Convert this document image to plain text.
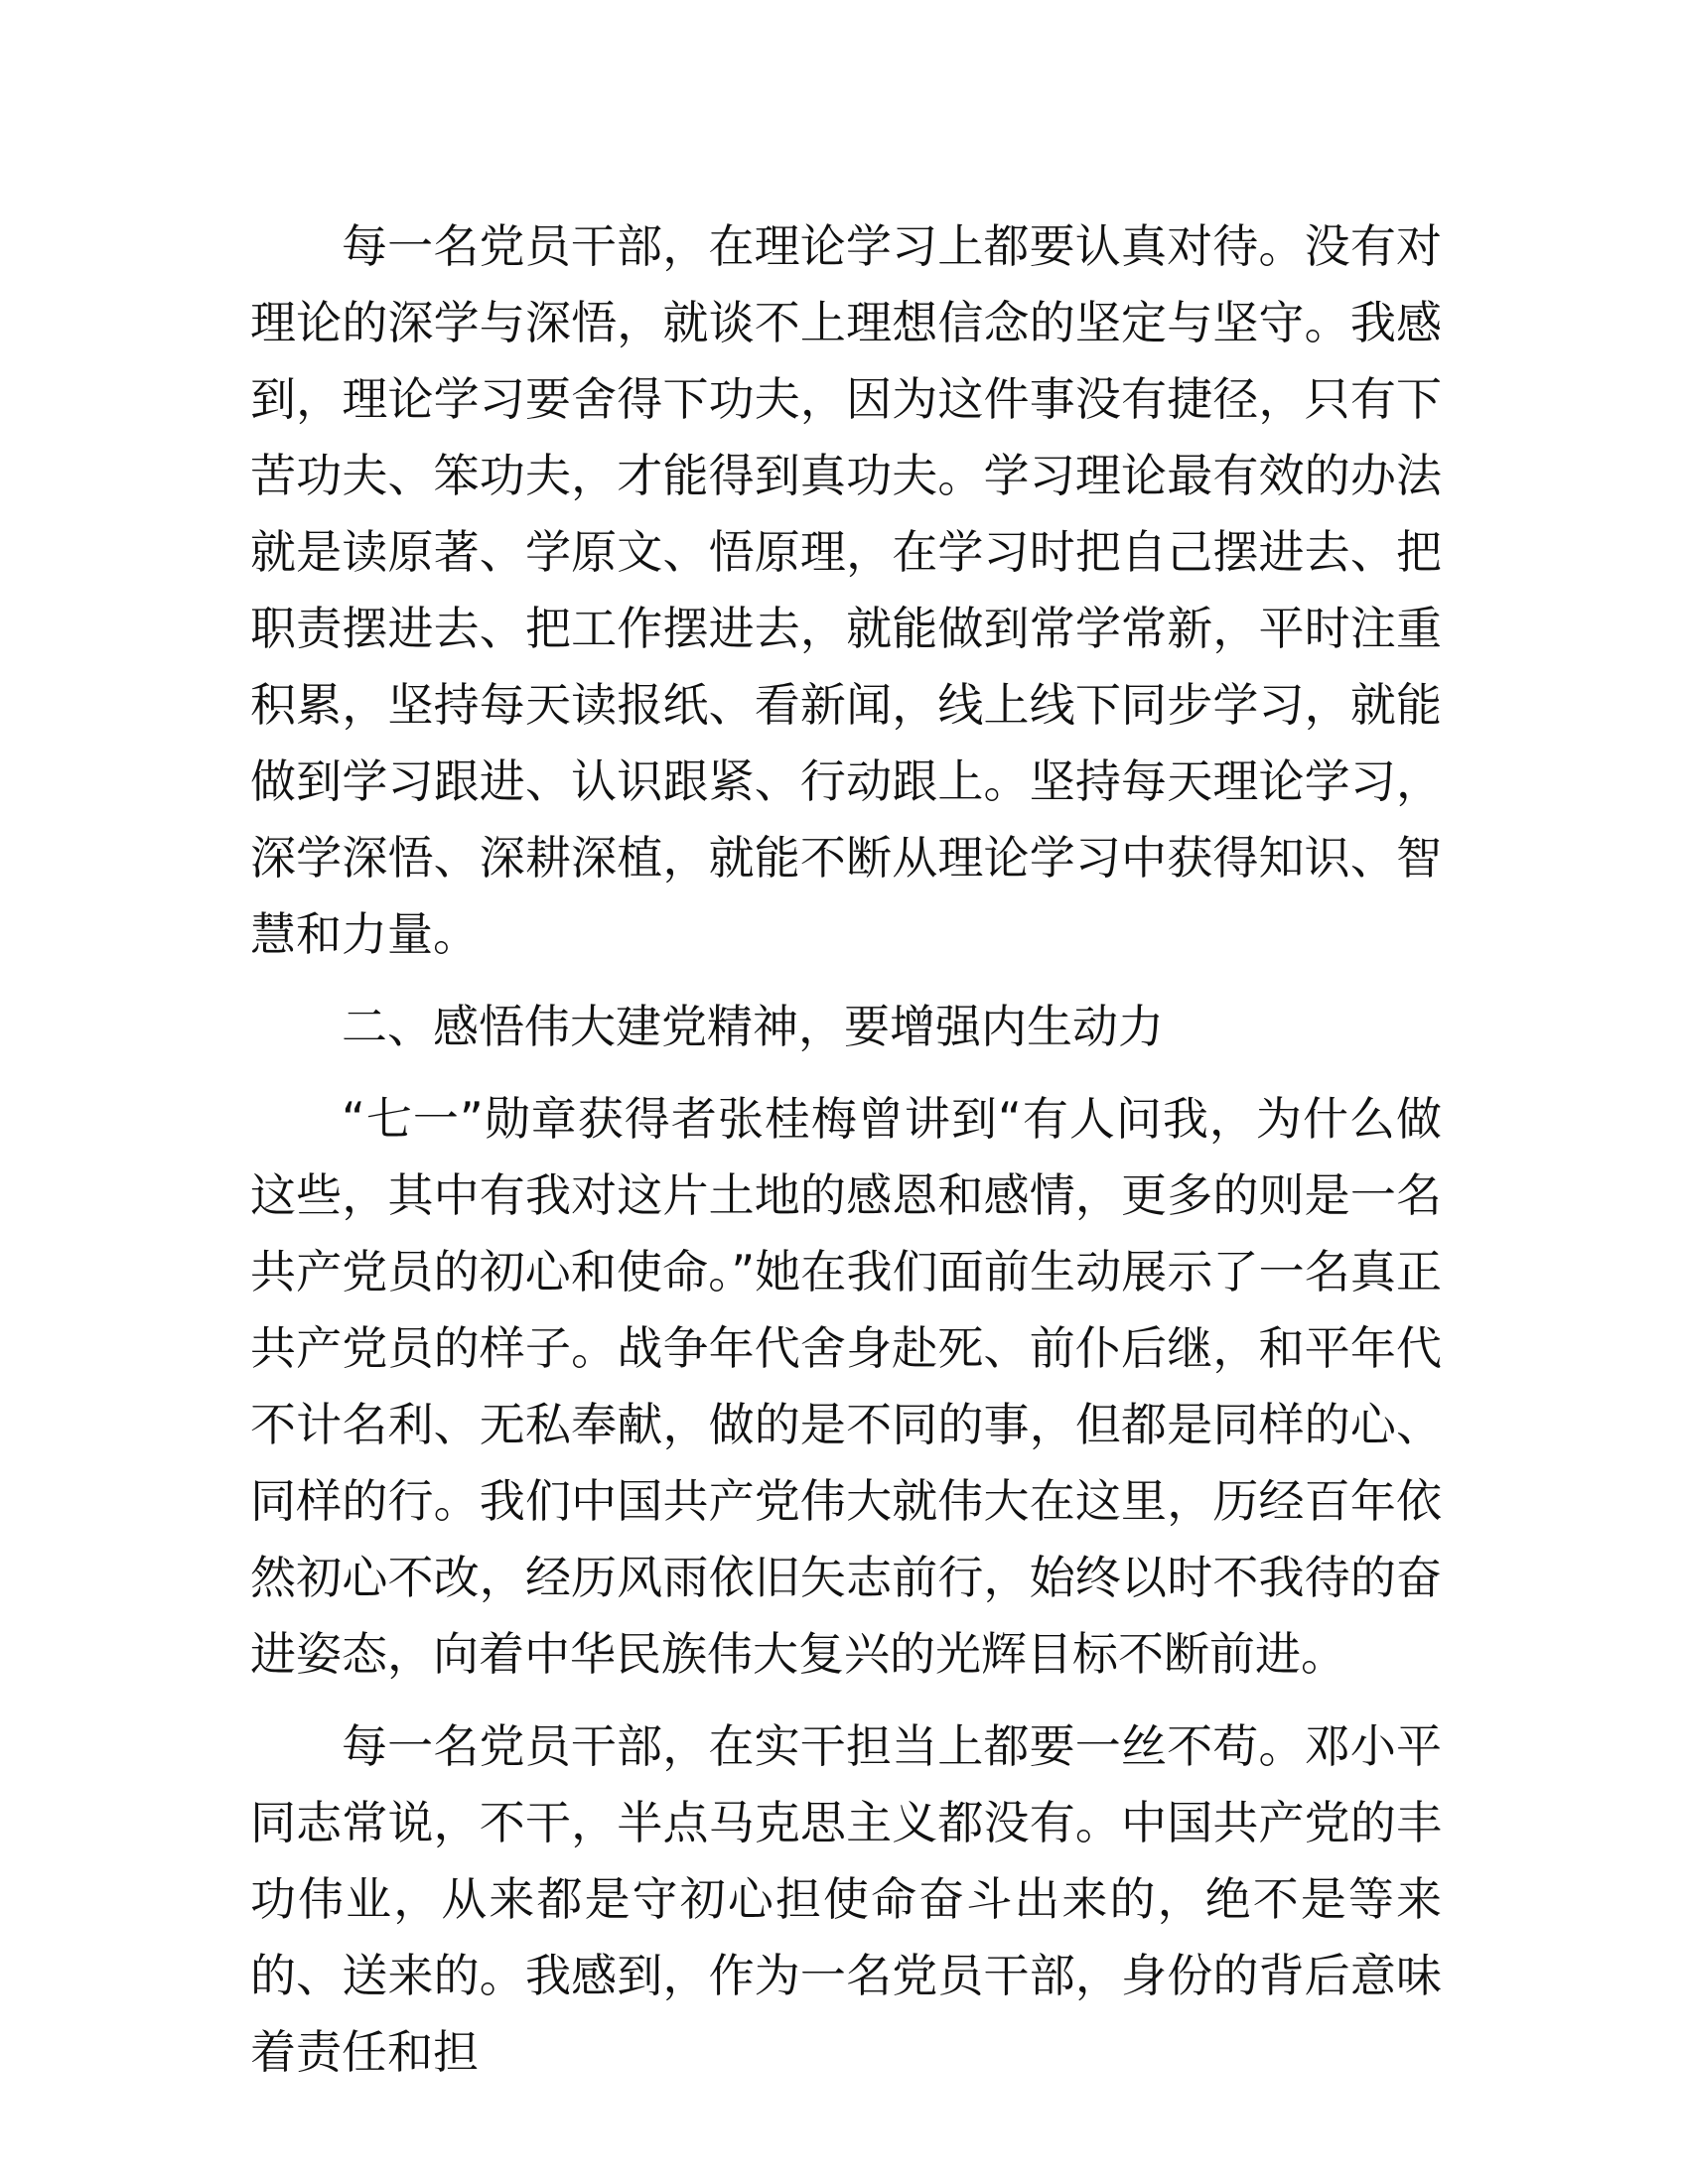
每一名党员干部，在理论学习上都要认真对待。没有对理论的深学与深悟，就谈不上理想信念的坚定与坚守。我感到，理论学习要舍得下功夫，因为这件事没有捷径，只有下苦功夫、笨功夫，才能得到真功夫。学习理论最有效的办法就是读原著、学原文、悟原理，在学习时把自己摆进去、把职责摆进去、把工作摆进去，就能做到常学常新，平时注重积累，坚持每天读报纸、看新闻，线上线下同步学习，就能做到学习跟进、认识跟紧、行动跟上。坚持每天理论学习，深学深悟、深耕深植，就能不断从理论学习中获得知识、智慧和力量。

二、感悟伟大建党精神，要增强内生动力

“七一”勋章获得者张桂梅曾讲到“有人问我，为什么做这些，其中有我对这片土地的感恩和感情，更多的则是一名共产党员的初心和使命。”她在我们面前生动展示了一名真正共产党员的样子。战争年代舍身赴死、前仆后继，和平年代不计名利、无私奉献，做的是不同的事，但都是同样的心、同样的行。我们中国共产党伟大就伟大在这里，历经百年依然初心不改，经历风雨依旧矢志前行，始终以时不我待的奋进姿态，向着中华民族伟大复兴的光辉目标不断前进。

每一名党员干部，在实干担当上都要一丝不苟。邓小平同志常说，不干，半点马克思主义都没有。中国共产党的丰功伟业，从来都是守初心担使命奋斗出来的，绝不是等来的、送来的。我感到，作为一名党员干部，身份的背后意味着责任和担
